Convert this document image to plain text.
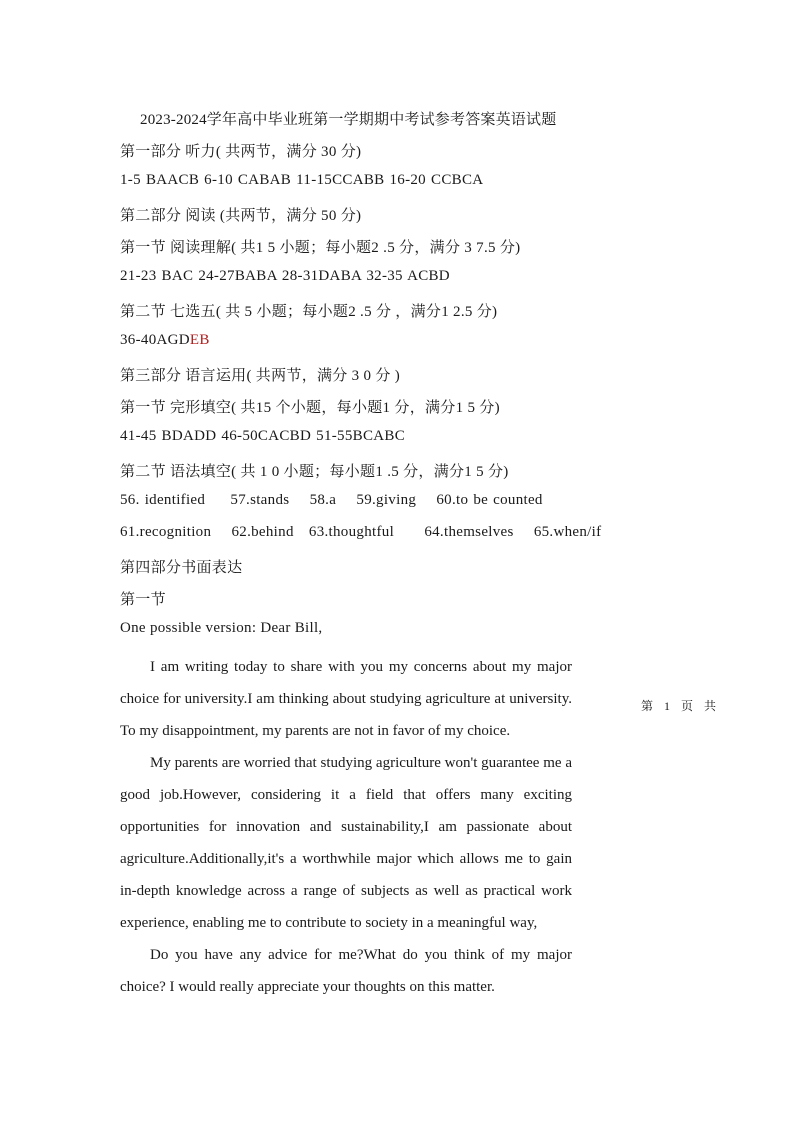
2023-2024学年高中毕业班第一学期期中考试参考答案英语试题
第一部分 听力( 共两节，满分 30 分)
1-5 BAACB 6-10 CABAB 11-15CCABB 16-20 CCBCA
第二部分 阅读 (共两节，满分 50 分)
第一节 阅读理解( 共1 5 小题；每小题2 .5 分，满分 3 7.5 分)
21-23 BAC 24-27BABA 28-31DABA 32-35 ACBD
第二节 七选五( 共 5 小题；每小题2 .5 分 ，满分1 2.5 分)
36-40AGDEB
第三部分 语言运用( 共两节，满分 3 0 分 )
第一节 完形填空( 共15 个小题，每小题1 分，满分1 5 分)
41-45 BDADD 46-50CACBD 51-55BCABC
第二节 语法填空( 共 1 0 小题；每小题1 .5 分，满分1 5 分)
56. identified     57.stands    58.a    59.giving    60.to be counted
61.recognition    62.behind   63.thoughtful      64.themselves    65.when/if
第四部分书面表达
第一节
One possible version: Dear Bill,

I am writing today to share with you my concerns about my major choice for university.I am thinking about studying agriculture at university. To my disappointment, my parents are not in favor of my choice.

My parents are worried that studying agriculture won't guarantee me a good job.However, considering it a field that offers many exciting opportunities for innovation and sustainability,I am passionate about agriculture.Additionally,it's a worthwhile major which allows me to gain in-depth knowledge across a range of subjects as well as practical work experience, enabling me to contribute to society in a meaningful way,

Do you have any advice for me?What do you think of my major choice? I would really appreciate your thoughts on this matter.

第 1 页 共
